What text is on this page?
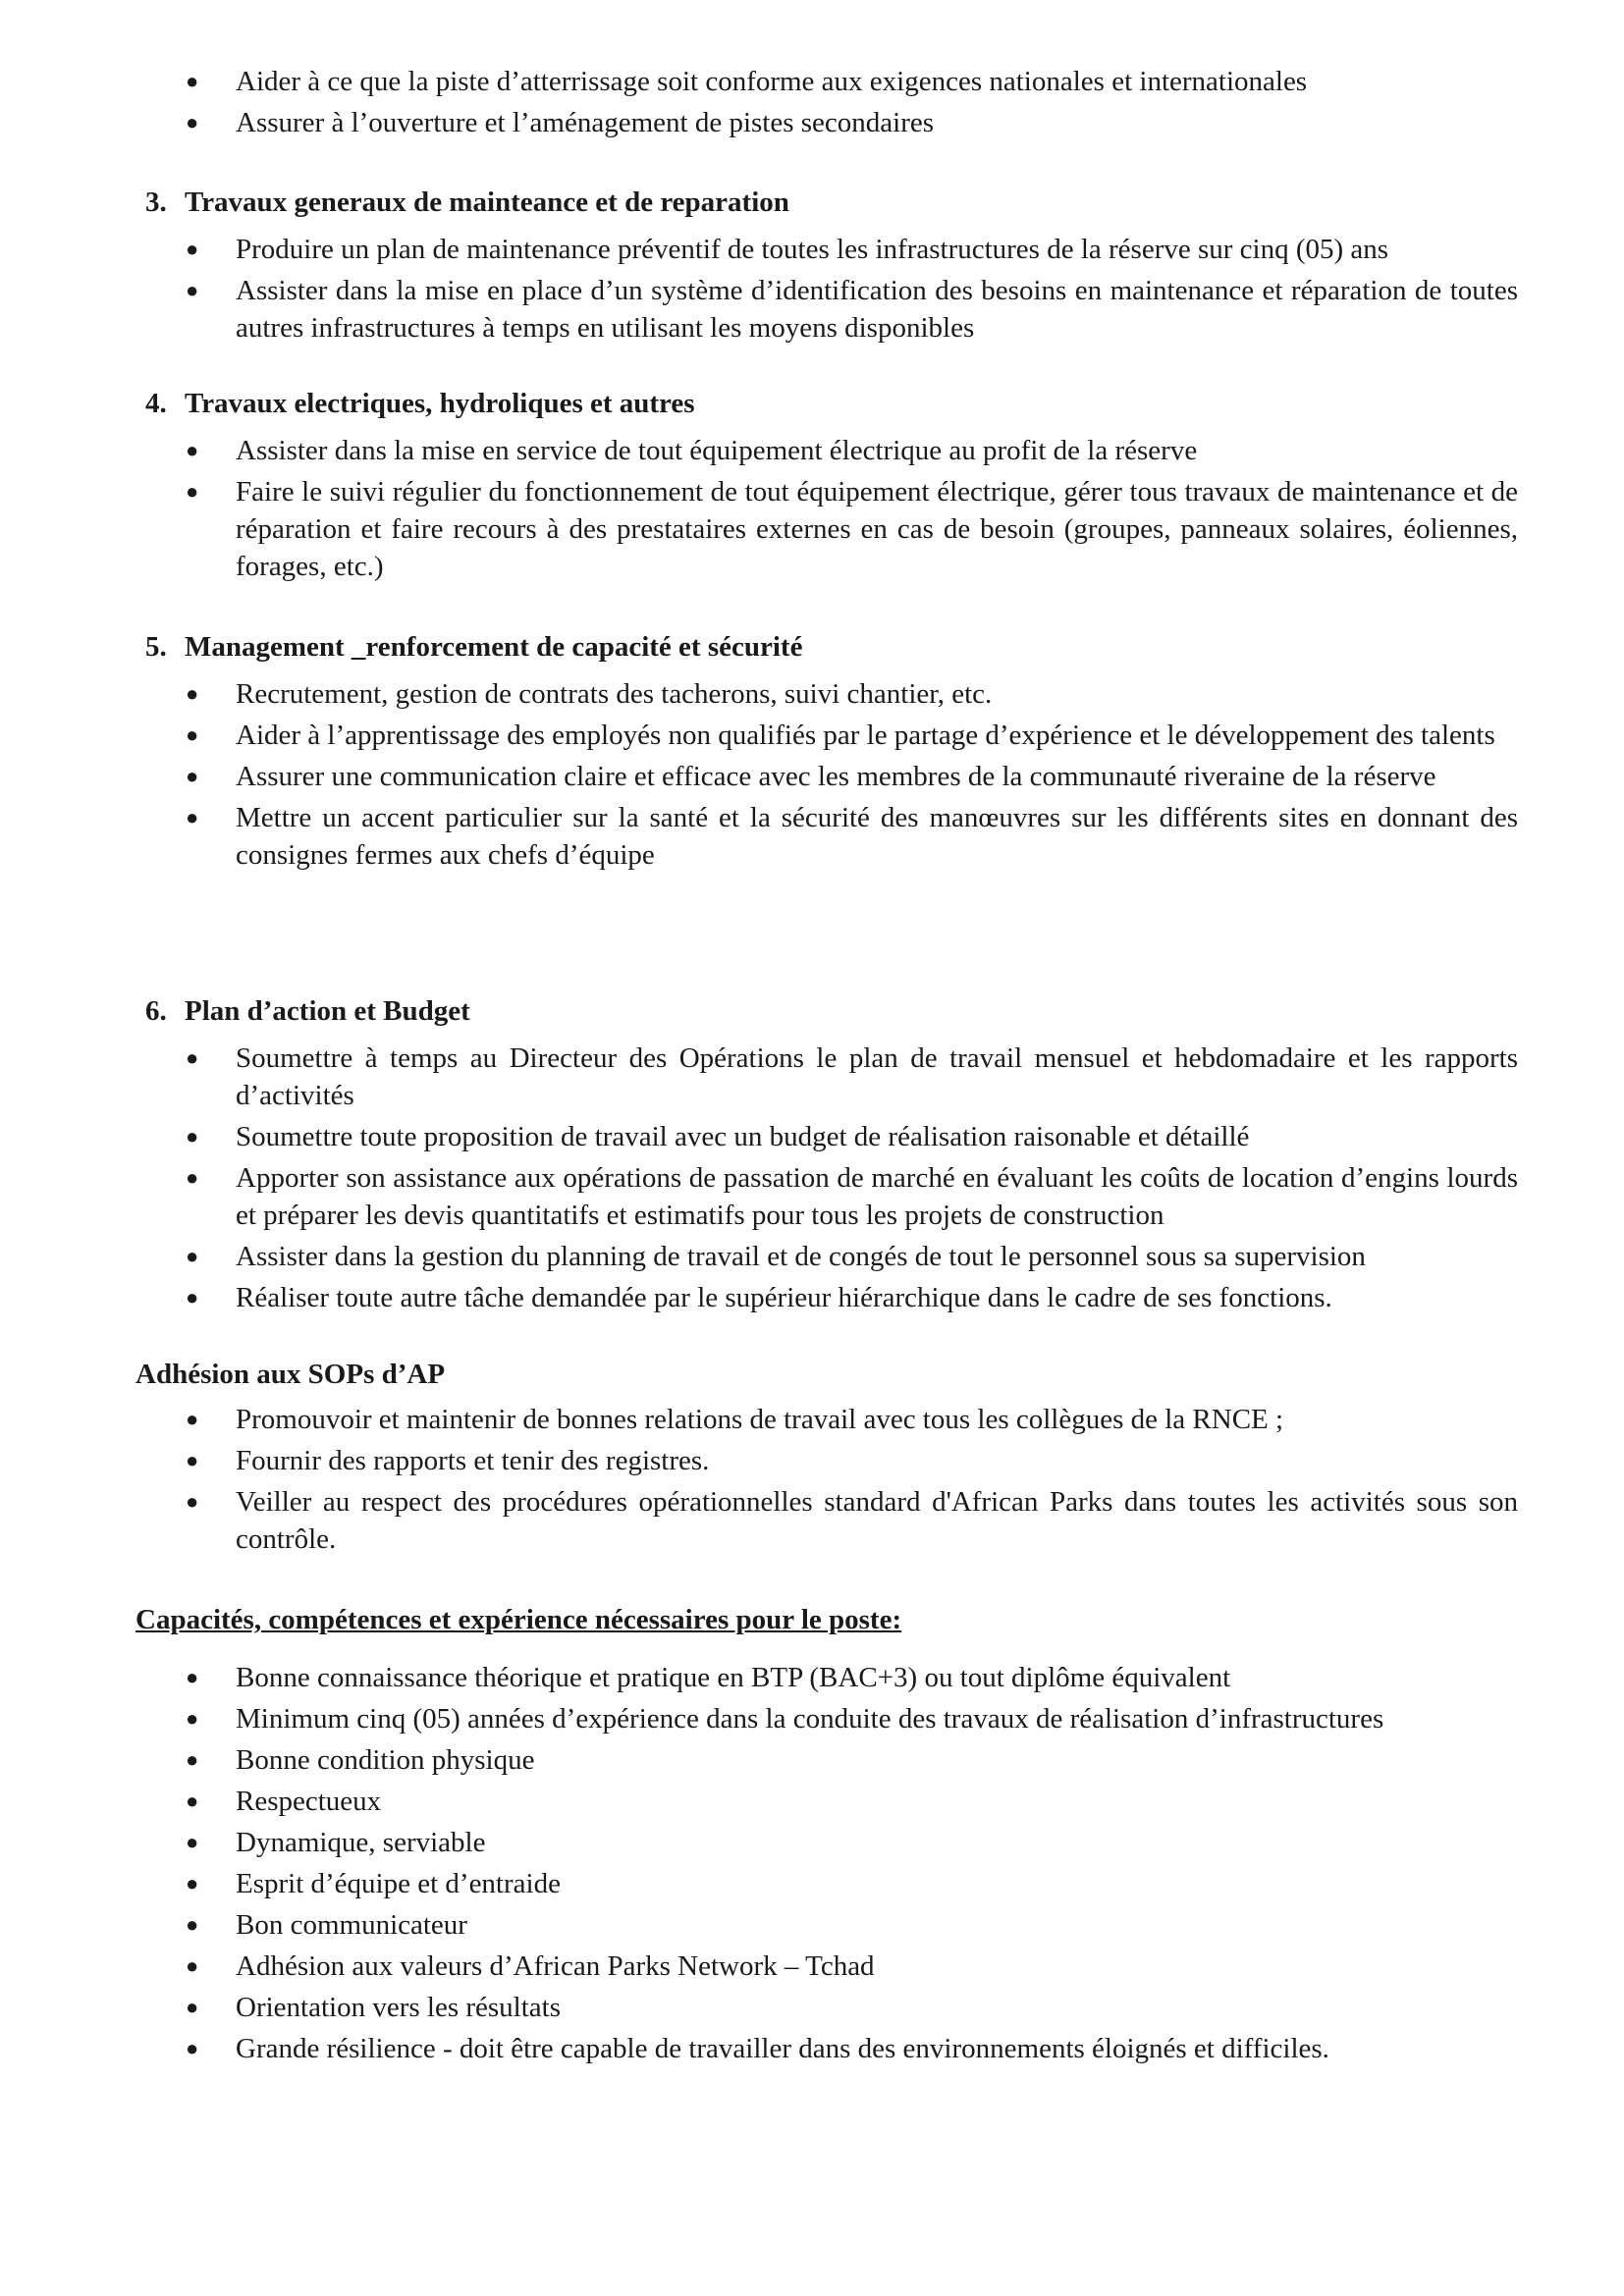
● Aider à ce que la piste d’atterrissage soit conforme aux exigences nationales et internationales
● Assurer à l’ouverture et l’aménagement de pistes secondaires
3. Travaux generaux de mainteance et de reparation
● Produire un plan de maintenance préventif de toutes les infrastructures de la réserve sur cinq (05) ans
● Assister dans la mise en place d’un système d’identification des besoins en maintenance et réparation de toutes autres infrastructures à temps en utilisant les moyens disponibles
4. Travaux electriques, hydroliques et autres
● Assister dans la mise en service de tout équipement électrique au profit de la réserve
● Faire le suivi régulier du fonctionnement de tout équipement électrique, gérer tous travaux de maintenance et de réparation et faire recours à des prestataires externes en cas de besoin (groupes, panneaux solaires, éoliennes, forages, etc.)
5. Management _renforcement de capacité et sécurité
● Recrutement, gestion de contrats des tacherons, suivi chantier, etc.
● Aider à l’apprentissage des employés non qualifiés par le partage d’expérience et le développement des talents
● Assurer une communication claire et efficace avec les membres de la communauté riveraine de la réserve
● Mettre un accent particulier sur la santé et la sécurité des manœuvres sur les différents sites en donnant des consignes fermes aux chefs d’équipe
6. Plan d’action et Budget
● Soumettre à temps au Directeur des Opérations le plan de travail mensuel et hebdomadaire et les rapports d’activités
● Soumettre toute proposition de travail avec un budget de réalisation raisonable et détaillé
● Apporter son assistance aux opérations de passation de marché en évaluant les coûts de location d’engins lourds et préparer les devis quantitatifs et estimatifs pour tous les projets de construction
● Assister dans la gestion du planning de travail et de congés de tout le personnel sous sa supervision
● Réaliser toute autre tâche demandée par le supérieur hiérarchique dans le cadre de ses fonctions.
Adhésion aux SOPs d’AP
● Promouvoir et maintenir de bonnes relations de travail avec tous les collègues de la RNCE ;
● Fournir des rapports et tenir des registres.
● Veiller au respect des procédures opérationnelles standard d'African Parks dans toutes les activités sous son contrôle.
Capacités, compétences et expérience nécessaires pour le poste:
● Bonne connaissance théorique et pratique en BTP (BAC+3) ou tout diplôme équivalent
● Minimum cinq (05) années d’expérience dans la conduite des travaux de réalisation d’infrastructures
● Bonne condition physique
● Respectueux
● Dynamique, serviable
● Esprit d’équipe et d’entraide
● Bon communicateur
● Adhésion aux valeurs d’African Parks Network – Tchad
● Orientation vers les résultats
● Grande résilience - doit être capable de travailler dans des environnements éloignés et difficiles.
